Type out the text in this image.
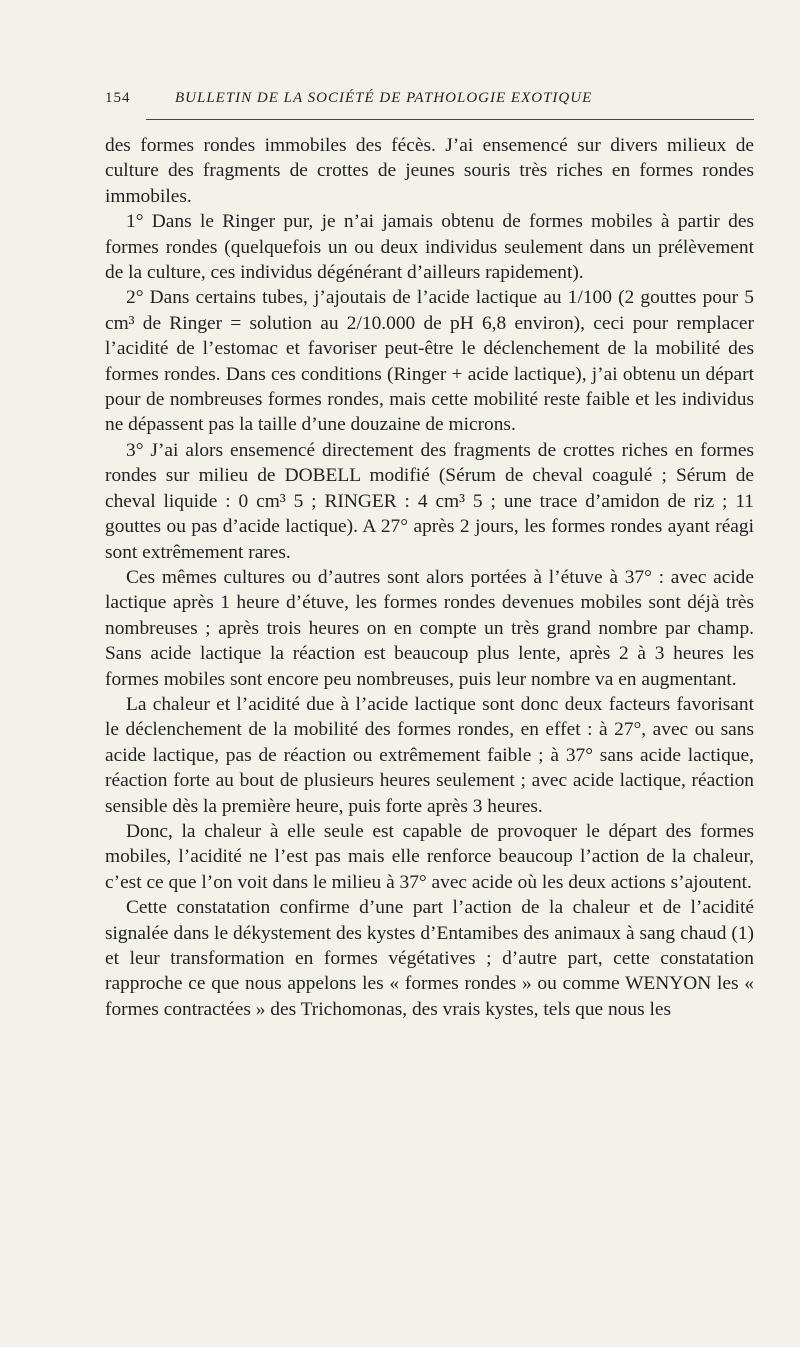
154	BULLETIN DE LA SOCIÉTÉ DE PATHOLOGIE EXOTIQUE

des formes rondes immobiles des fécès. J’ai ensemencé sur divers milieux de culture des fragments de crottes de jeunes souris très riches en formes rondes immobiles.

1° Dans le Ringer pur, je n’ai jamais obtenu de formes mobiles à partir des formes rondes (quelquefois un ou deux individus seulement dans un prélèvement de la culture, ces individus dégénérant d’ailleurs rapidement).

2° Dans certains tubes, j’ajoutais de l’acide lactique au 1/100 (2 gouttes pour 5 cm³ de Ringer = solution au 2/10.000 de pH 6,8 environ), ceci pour remplacer l’acidité de l’estomac et favoriser peut-être le déclenchement de la mobilité des formes rondes. Dans ces conditions (Ringer + acide lactique), j’ai obtenu un départ pour de nombreuses formes rondes, mais cette mobilité reste faible et les individus ne dépassent pas la taille d’une douzaine de microns.

3° J’ai alors ensemencé directement des fragments de crottes riches en formes rondes sur milieu de DOBELL modifié (Sérum de cheval coagulé ; Sérum de cheval liquide : 0 cm³ 5 ; RINGER : 4 cm³ 5 ; une trace d’amidon de riz ; 11 gouttes ou pas d’acide lactique). A 27° après 2 jours, les formes rondes ayant réagi sont extrêmement rares.

Ces mêmes cultures ou d’autres sont alors portées à l’étuve à 37° : avec acide lactique après 1 heure d’étuve, les formes rondes devenues mobiles sont déjà très nombreuses ; après trois heures on en compte un très grand nombre par champ. Sans acide lactique la réaction est beaucoup plus lente, après 2 à 3 heures les formes mobiles sont encore peu nombreuses, puis leur nombre va en augmentant.

La chaleur et l’acidité due à l’acide lactique sont donc deux facteurs favorisant le déclenchement de la mobilité des formes rondes, en effet : à 27°, avec ou sans acide lactique, pas de réaction ou extrêmement faible ; à 37° sans acide lactique, réaction forte au bout de plusieurs heures seulement ; avec acide lactique, réaction sensible dès la première heure, puis forte après 3 heures.

Donc, la chaleur à elle seule est capable de provoquer le départ des formes mobiles, l’acidité ne l’est pas mais elle renforce beaucoup l’action de la chaleur, c’est ce que l’on voit dans le milieu à 37° avec acide où les deux actions s’ajoutent.

Cette constatation confirme d’une part l’action de la chaleur et de l’acidité signalée dans le dékystement des kystes d’Entamibes des animaux à sang chaud (1) et leur transformation en formes végétatives ; d’autre part, cette constatation rapproche ce que nous appelons les « formes rondes » ou comme WENYON les « formes contractées » des Trichomonas, des vrais kystes, tels que nous les
